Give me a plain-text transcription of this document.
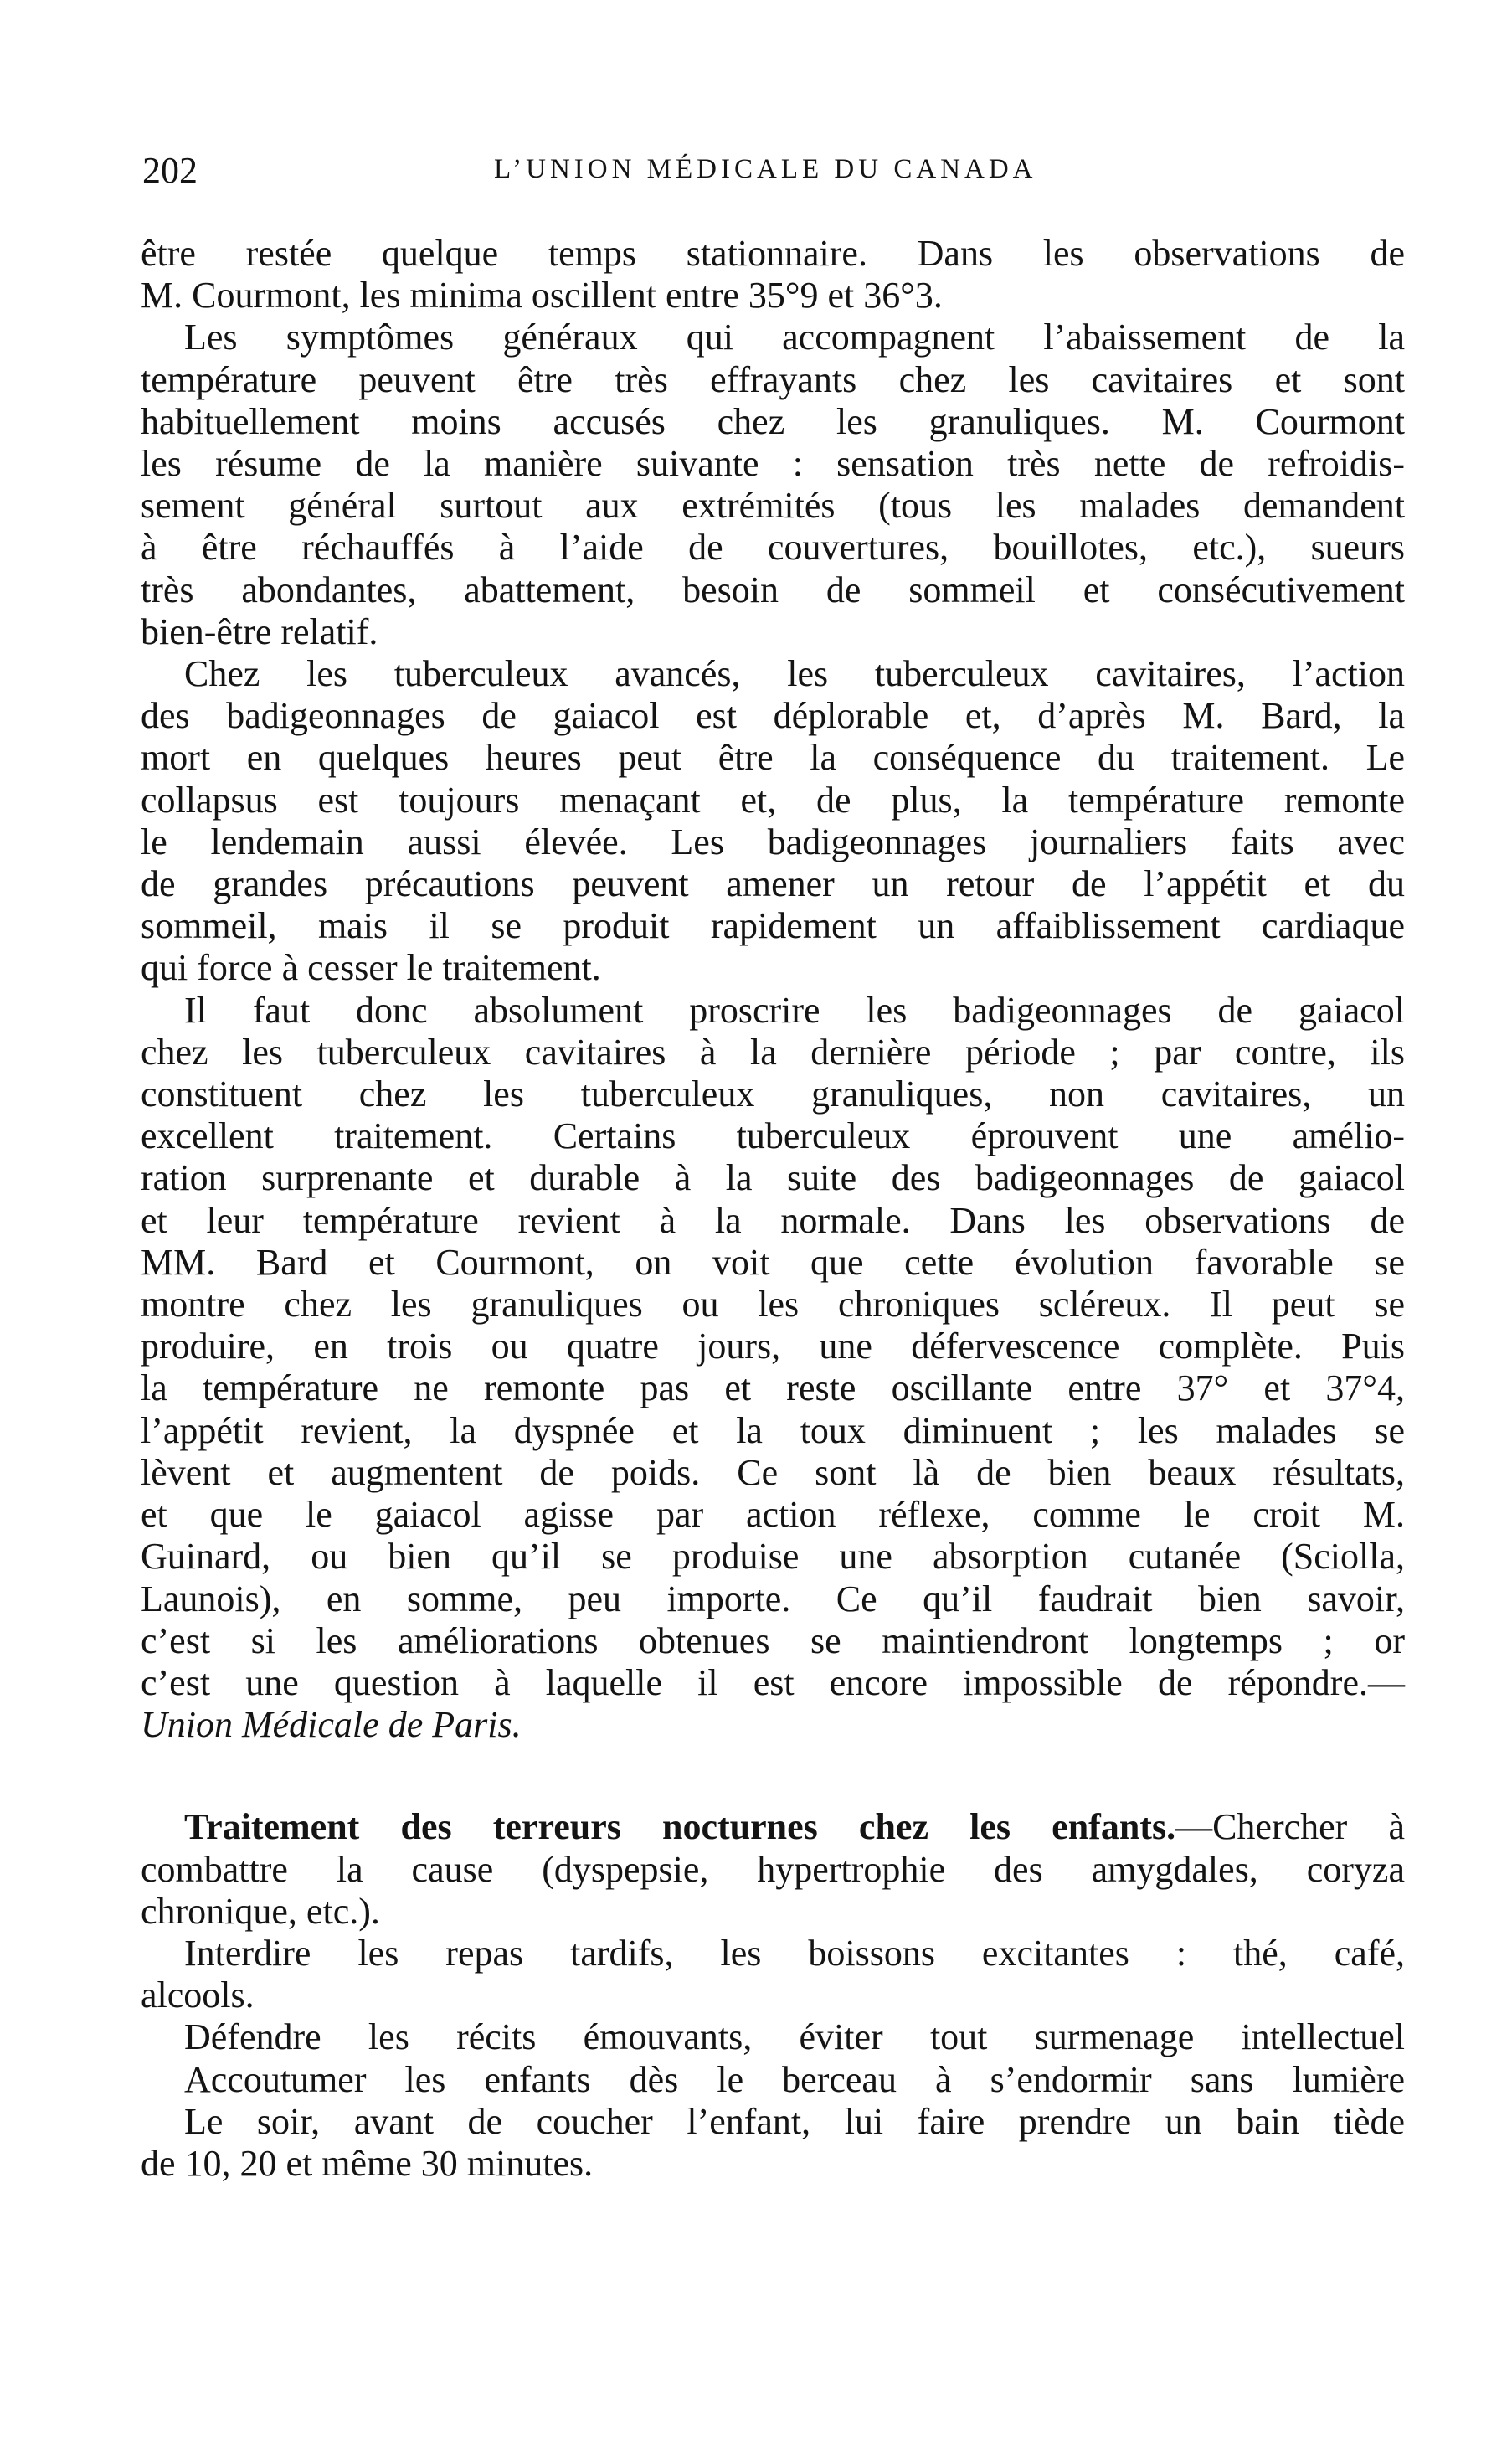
202	L’UNION MÉDICALE DU CANADA
être restée quelque temps stationnaire. Dans les observations de
M. Courmont, les minima oscillent entre 35°9 et 36°3.
Les symptômes généraux qui accompagnent l’abaissement de la
température peuvent être très effrayants chez les cavitaires et sont
habituellement moins accusés chez les granuliques. M. Courmont
les résume de la manière suivante : sensation très nette de refroidis-
sement général surtout aux extrémités (tous les malades demandent
à être réchauffés à l’aide de couvertures, bouillotes, etc.), sueurs
très abondantes, abattement, besoin de sommeil et consécutivement
bien-être relatif.
Chez les tuberculeux avancés, les tuberculeux cavitaires, l’action
des badigeonnages de gaiacol est déplorable et, d’après M. Bard, la
mort en quelques heures peut être la conséquence du traitement. Le
collapsus est toujours menaçant et, de plus, la température remonte
le lendemain aussi élevée. Les badigeonnages journaliers faits avec
de grandes précautions peuvent amener un retour de l’appétit et du
sommeil, mais il se produit rapidement un affaiblissement cardiaque
qui force à cesser le traitement.
Il faut donc absolument proscrire les badigeonnages de gaiacol
chez les tuberculeux cavitaires à la dernière période ; par contre, ils
constituent chez les tuberculeux granuliques, non cavitaires, un
excellent traitement. Certains tuberculeux éprouvent une amélio-
ration surprenante et durable à la suite des badigeonnages de gaiacol
et leur température revient à la normale. Dans les observations de
MM. Bard et Courmont, on voit que cette évolution favorable se
montre chez les granuliques ou les chroniques scléreux. Il peut se
produire, en trois ou quatre jours, une défervescence complète. Puis
la température ne remonte pas et reste oscillante entre 37° et 37°4,
l’appétit revient, la dyspnée et la toux diminuent ; les malades se
lèvent et augmentent de poids. Ce sont là de bien beaux résultats,
et que le gaiacol agisse par action réflexe, comme le croit M.
Guinard, ou bien qu’il se produise une absorption cutanée (Sciolla,
Launois), en somme, peu importe. Ce qu’il faudrait bien savoir,
c’est si les améliorations obtenues se maintiendront longtemps ; or
c’est une question à laquelle il est encore impossible de répondre.—
Union Médicale de Paris.
Traitement des terreurs nocturnes chez les enfants.—Chercher à
combattre la cause (dyspepsie, hypertrophie des amygdales, coryza
chronique, etc.).
Interdire les repas tardifs, les boissons excitantes : thé, café,
alcools.
Défendre les récits émouvants, éviter tout surmenage intellectuel
Accoutumer les enfants dès le berceau à s’endormir sans lumière
Le soir, avant de coucher l’enfant, lui faire prendre un bain tiède
de 10, 20 et même 30 minutes.
